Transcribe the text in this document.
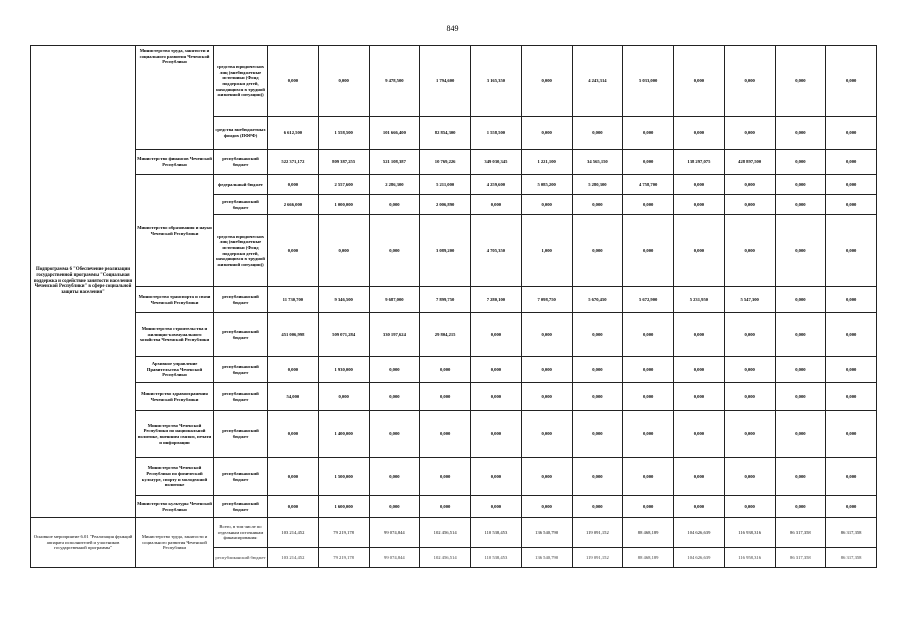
849
Подпрограмма 6 "Обеспечение реализации государственной программы "Социальная поддержка и содействие занятости населения Чеченской Республики" в сфере социальной защиты населения"	Министерство труда, занятости и социального развития Чеченской Республики	средства юридических лиц (внебюджетные источники (Фонд поддержки детей, находящихся в трудной жизненной ситуации))	0,000	0,000	9 478,500	1 794,600	3 165,350	0,000	4 243,314	5 033,000	0,000	0,000	0,000	0,000
		средства внебюджетных фондов (ПФРФ)	6 612,500	1 558,500	101 666,400	82 854,300	1 558,500	0,000	0,000	0,000	0,000	0,000	0,000	0,000
	Министерство финансов Чеченской Республики	республиканский бюджет	522 371,172	809 387,255	521 108,387	10 769,226	349 030,345	1 221,100	34 565,150	0,000	138 297,075	428 897,500	0,000	0,000
	Министерство образования и науки Чеченской Республики	федеральный бюджет	0,000	2 557,600	2 286,300	5 211,000	4 259,600	5 085,200	5 280,300	4 758,700	0,000	0,000	0,000	0,000
		республиканский бюджет	2 666,000	1 000,000	0,000	2 006,890	0,000	0,000	0,000	0,000	0,000	0,000	0,000	0,000
		средства юридических лиц (внебюджетные источники (Фонд поддержки детей, находящихся в трудной жизненной ситуации))	0,000	0,000	0,000	3 089,200	4 705,350	1,000	0,000	0,000	0,000	0,000	0,000	0,000
	Министерство транспорта и связи Чеченской Республики	республиканский бюджет	11 730,700	9 346,500	9 687,000	7 899,750	7 280,100	7 098,750	5 670,450	5 672,900	5 231,950	5 547,300	0,000	0,000
	Министерство строительства и жилищно-коммунального хозяйства Чеченской Республики	республиканский бюджет	451 006,998	509 071,284	330 197,624	29 804,215	0,000	0,000	0,000	0,000	0,000	0,000	0,000	0,000
	Архивное управление Правительства Чеченской Республики	республиканский бюджет	0,000	1 930,000	0,000	0,000	0,000	0,000	0,000	0,000	0,000	0,000	0,000	0,000
	Министерство здравоохранения Чеченской Республики	республиканский бюджет	54,000	0,000	0,000	0,000	0,000	0,000	0,000	0,000	0,000	0,000	0,000	0,000
	Министерство Чеченской Республики по национальной политике, внешним связям, печати и информации	республиканский бюджет	0,000	1 400,000	0,000	0,000	0,000	0,000	0,000	0,000	0,000	0,000	0,000	0,000
	Министерство Чеченской Республики по физической культуре, спорту и молодежной политике	республиканский бюджет	0,000	1 500,000	0,000	0,000	0,000	0,000	0,000	0,000	0,000	0,000	0,000	0,000
	Министерство культуры Чеченской Республики	республиканский бюджет	0,000	1 600,000	0,000	0,000	0,000	0,000	0,000	0,000	0,000	0,000	0,000	0,000
Основное мероприятие 6.01 "Реализация функций аппарата исполнителей и участников государственной программы"	Министерство труда, занятости и социального развития Чеченской Республики	Всего, в том числе по отдельным источникам финансирования:	103 214,452	79 219,178	99 074,844	102 456,514	110 538,453	136 540,790	119 091,152	88 468,189	104 626,639	116 938,316	86 317,358	86 317,358
		республиканский бюджет	103 214,452	79 219,178	99 074,844	102 456,514	110 538,453	136 540,790	119 091,152	88 468,189	104 626,639	116 958,316	86 317,358	86 317,358
